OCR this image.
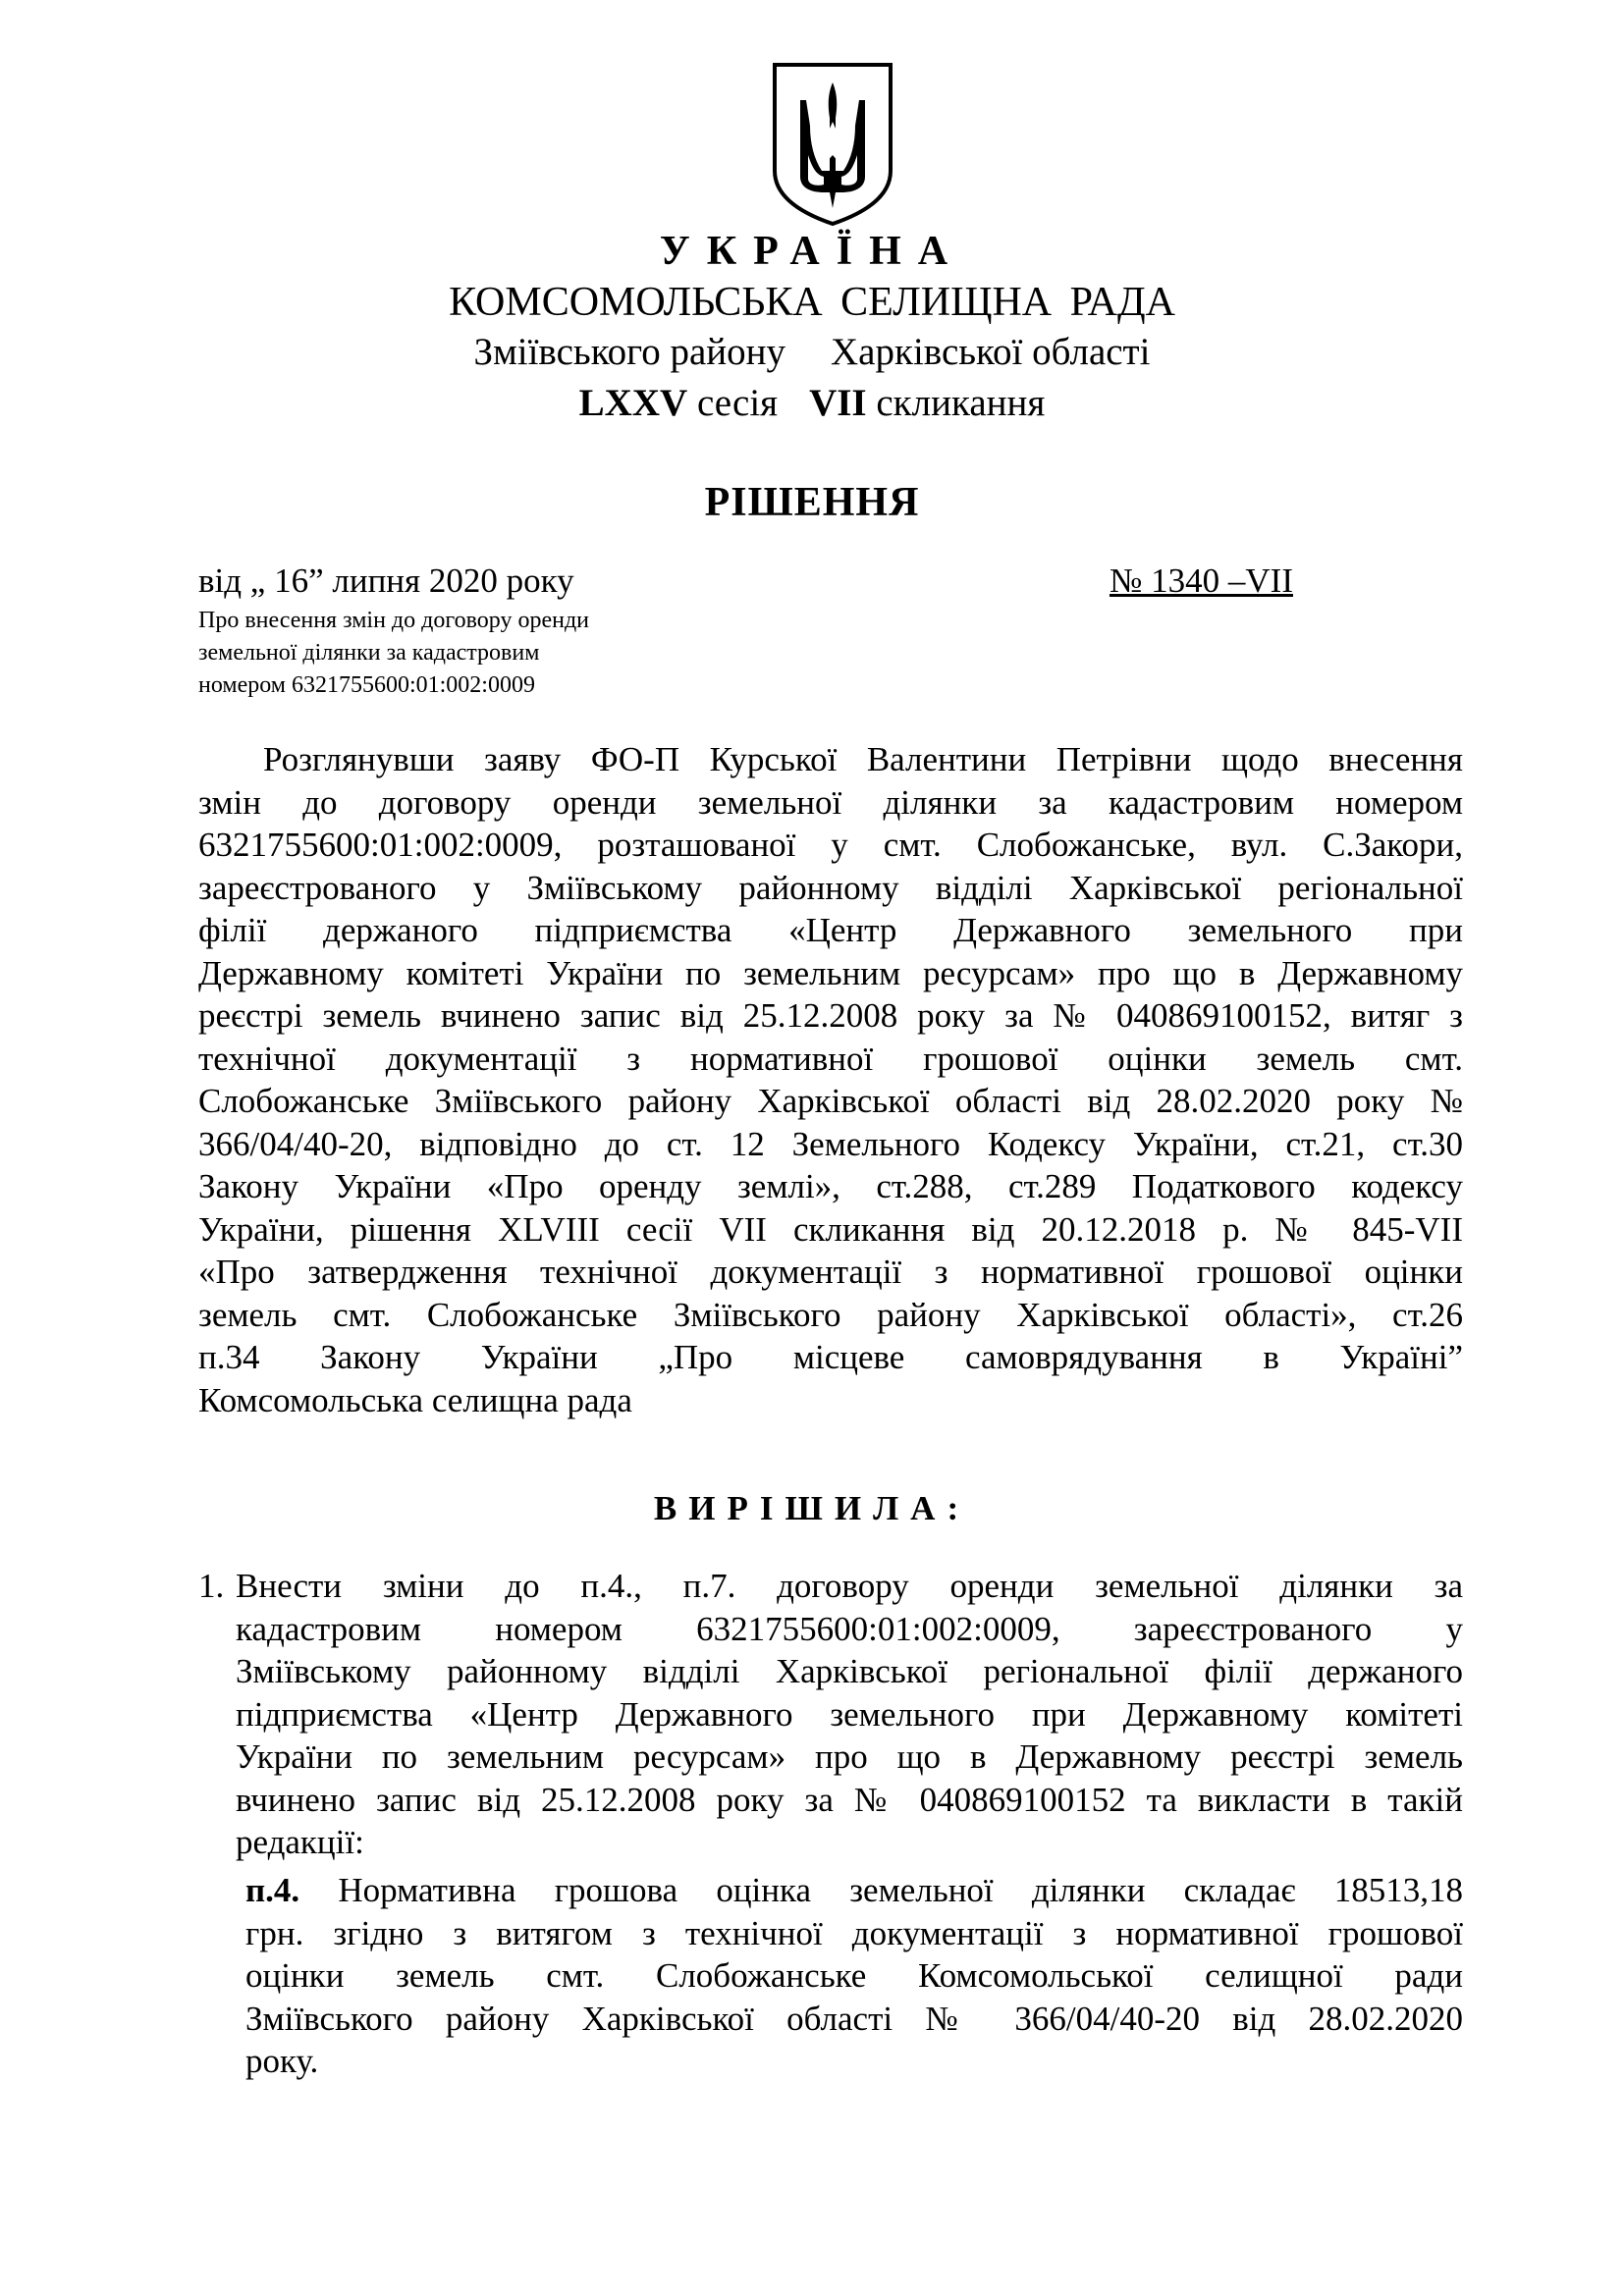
УКРАЇНА
КОМСОМОЛЬСЬКА СЕЛИЩНА РАДА
Зміївського району Харківської області
LXXV сесія VII скликання
РІШЕННЯ
від „ 16” липня 2020 року	№ 1340 –VII
Про внесення змін до договору оренди
земельної ділянки за кадастровим
номером 6321755600:01:002:0009
Розглянувши заяву ФО-П Курської Валентини Петрівни щодо внесення
змін до договору оренди земельної ділянки за кадастровим номером
6321755600:01:002:0009, розташованої у смт. Слобожанське, вул. С.Закори,
зареєстрованого у Зміївському районному відділі Харківської регіональної
філії держаного підприємства «Центр Державного земельного при
Державному комітеті України по земельним ресурсам» про що в Державному
реєстрі земель вчинено запис від 25.12.2008 року за № 040869100152, витяг з
технічної документації з нормативної грошової оцінки земель смт.
Слобожанське Зміївського району Харківської області від 28.02.2020 року №
366/04/40-20, відповідно до ст. 12 Земельного Кодексу України, ст.21, ст.30
Закону України «Про оренду землі», ст.288, ст.289 Податкового кодексу
України, рішення XLVIII сесії VII скликання від 20.12.2018 р. № 845-VII
«Про затвердження технічної документації з нормативної грошової оцінки
земель смт. Слобожанське Зміївського району Харківської області», ст.26
п.34 Закону України „Про місцеве самоврядування в Україні”
Комсомольська селищна рада
ВИРІШИЛА:
1. Внести зміни до п.4., п.7. договору оренди земельної ділянки за
кадастровим номером 6321755600:01:002:0009, зареєстрованого у
Зміївському районному відділі Харківської регіональної філії держаного
підприємства «Центр Державного земельного при Державному комітеті
України по земельним ресурсам» про що в Державному реєстрі земель
вчинено запис від 25.12.2008 року за № 040869100152 та викласти в такій
редакції:
п.4. Нормативна грошова оцінка земельної ділянки складає 18513,18
грн. згідно з витягом з технічної документації з нормативної грошової
оцінки земель смт. Слобожанське Комсомольської селищної ради
Зміївського району Харківської області № 366/04/40-20 від 28.02.2020
року.
